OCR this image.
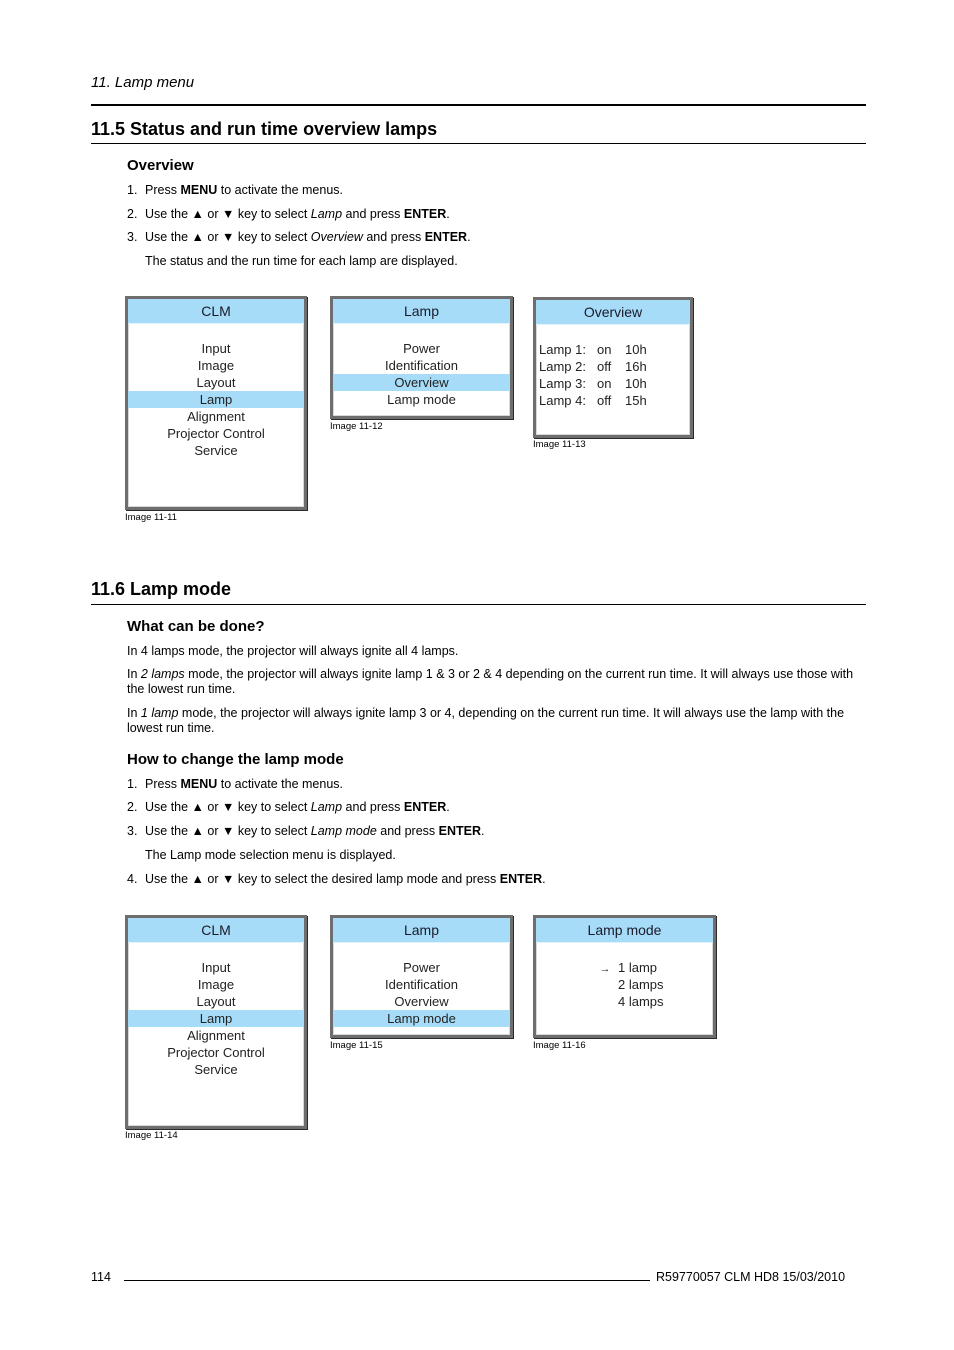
11. Lamp menu
11.5 Status and run time overview lamps
Overview
1. Press MENU to activate the menus.
2. Use the ▲ or ▼ key to select Lamp and press ENTER.
3. Use the ▲ or ▼ key to select Overview and press ENTER.
The status and the run time for each lamp are displayed.
CLM
Input
Image
Layout
Lamp
Alignment
Projector Control
Service
Image 11-11
Lamp
Power
Identification
Overview
Lamp mode
Image 11-12
Overview
Lamp 1: on 10h
Lamp 2: off 16h
Lamp 3: on 10h
Lamp 4: off 15h
Image 11-13
11.6 Lamp mode
What can be done?
In 4 lamps mode, the projector will always ignite all 4 lamps.
In 2 lamps mode, the projector will always ignite lamp 1 & 3 or 2 & 4 depending on the current run time. It will always use those with the lowest run time.
In 1 lamp mode, the projector will always ignite lamp 3 or 4, depending on the current run time. It will always use the lamp with the lowest run time.
How to change the lamp mode
1. Press MENU to activate the menus.
2. Use the ▲ or ▼ key to select Lamp and press ENTER.
3. Use the ▲ or ▼ key to select Lamp mode and press ENTER.
The Lamp mode selection menu is displayed.
4. Use the ▲ or ▼ key to select the desired lamp mode and press ENTER.
CLM
Input
Image
Layout
Lamp
Alignment
Projector Control
Service
Image 11-14
Lamp
Power
Identification
Overview
Lamp mode
Image 11-15
Lamp mode
→ 1 lamp
2 lamps
4 lamps
Image 11-16
114	R59770057 CLM HD8 15/03/2010
